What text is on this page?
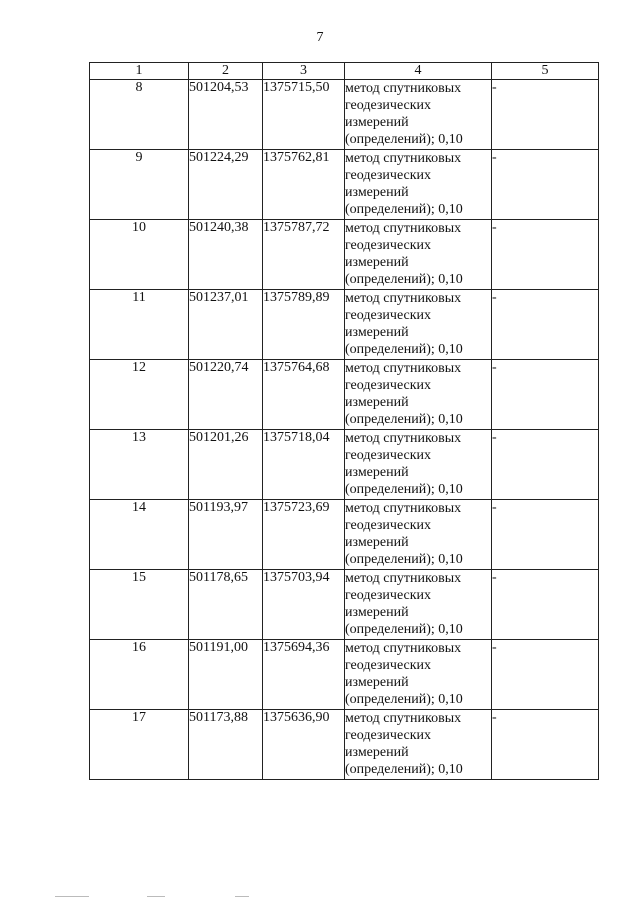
7
1	2	3	4	5
8	501204,53	1375715,50	метод спутниковых геодезических измерений (определений); 0,10	-
9	501224,29	1375762,81	метод спутниковых геодезических измерений (определений); 0,10	-
10	501240,38	1375787,72	метод спутниковых геодезических измерений (определений); 0,10	-
11	501237,01	1375789,89	метод спутниковых геодезических измерений (определений); 0,10	-
12	501220,74	1375764,68	метод спутниковых геодезических измерений (определений); 0,10	-
13	501201,26	1375718,04	метод спутниковых геодезических измерений (определений); 0,10	-
14	501193,97	1375723,69	метод спутниковых геодезических измерений (определений); 0,10	-
15	501178,65	1375703,94	метод спутниковых геодезических измерений (определений); 0,10	-
16	501191,00	1375694,36	метод спутниковых геодезических измерений (определений); 0,10	-
17	501173,88	1375636,90	метод спутниковых геодезических измерений (определений); 0,10	-
